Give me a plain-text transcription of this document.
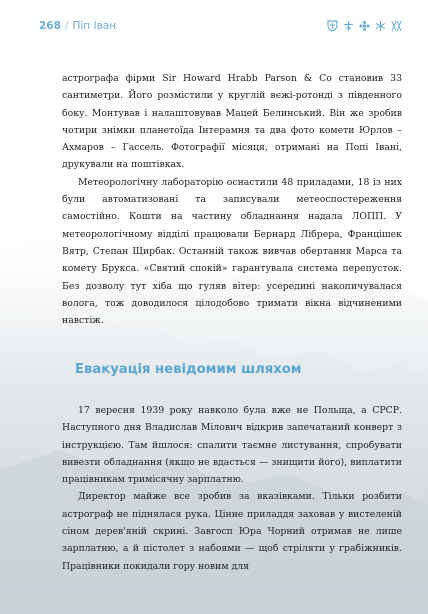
268 / Піп Іван

астрографа фірми Sir Howard Hrabb Parson & Co становив 33 сантиметри. Його розмістили у круглій вежі-ротонді з південного боку. Монтував і налаштовував Мацей Белинський. Він же зробив чотири знімки планетоїда Інтерамня та два фото комети Юрлов – Ахмаров – Гассель. Фотографії місяця, отримані на Попі Івані, друкували на поштівках.

Метеорологічну лабораторію оснастили 48 приладами, 18 із них були автоматизовані та записували метеоспостереження самостійно. Кошти на частину обладнання надала ЛОПП. У метеорологічному відділі працювали Бернард Лібрера, Францішек Вятр, Степан Щирбак. Останній також вивчав обертання Марса та комету Брукса. «Святий спокій» гарантувала система перепусток. Без дозволу тут хіба що гуляв вітер: усередині накопичувалася волога, тож доводилося цілодобово тримати вікна відчиненими навстіж.

Евакуація невідомим шляхом

17 вересня 1939 року навколо була вже не Польща, а СРСР. Наступного дня Владислав Мілович відкрив запечатаний конверт з інструкцією. Там йшлося: спалити таємне листування, спробувати вивезти обладнання (якщо не вдасться — знищити його), виплатити працівникам тримісячну зарплатню.

Директор майже все зробив за вказівками. Тільки розбити астрограф не піднялася рука. Цінне приладдя заховав у вистеленій сіном дерев'яній скрині. Завгосп Юра Чорний отримав не лише зарплатню, а й пістолет з набоями — щоб стріляти у грабіжників. Працівники покидали гору новим для
